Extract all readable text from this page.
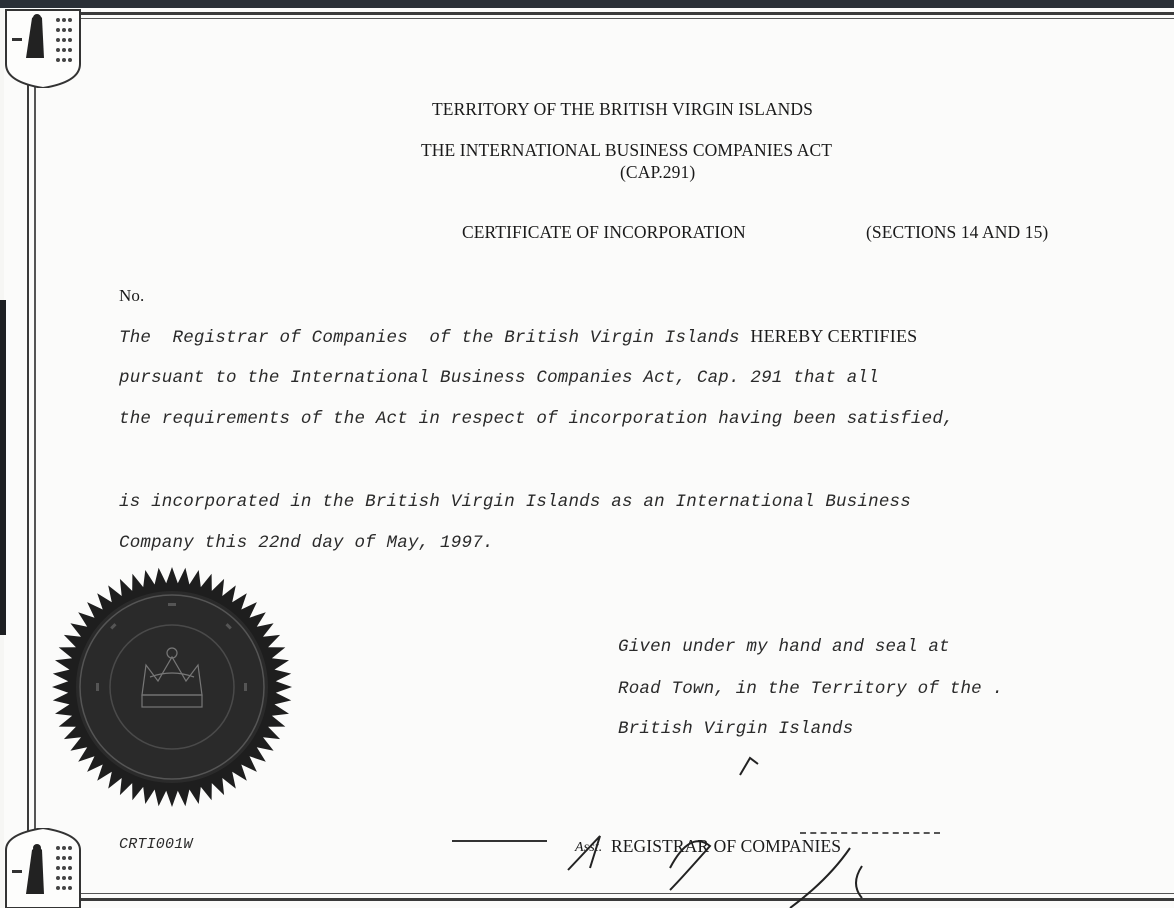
TERRITORY OF THE BRITISH VIRGIN ISLANDS
THE INTERNATIONAL BUSINESS COMPANIES ACT
(CAP.291)
CERTIFICATE OF INCORPORATION	(SECTIONS 14 AND 15)
No.
The  Registrar of Companies  of the British Virgin Islands HEREBY CERTIFIES
pursuant to the International Business Companies Act, Cap. 291 that all
the requirements of the Act in respect of incorporation having been satisfied,
is incorporated in the British Virgin Islands as an International Business
Company this 22nd day of May, 1997.
Given under my hand and seal at
Road Town, in the Territory of the .
British Virgin Islands
CRTI001W	Asst. REGISTRAR OF COMPANIES
